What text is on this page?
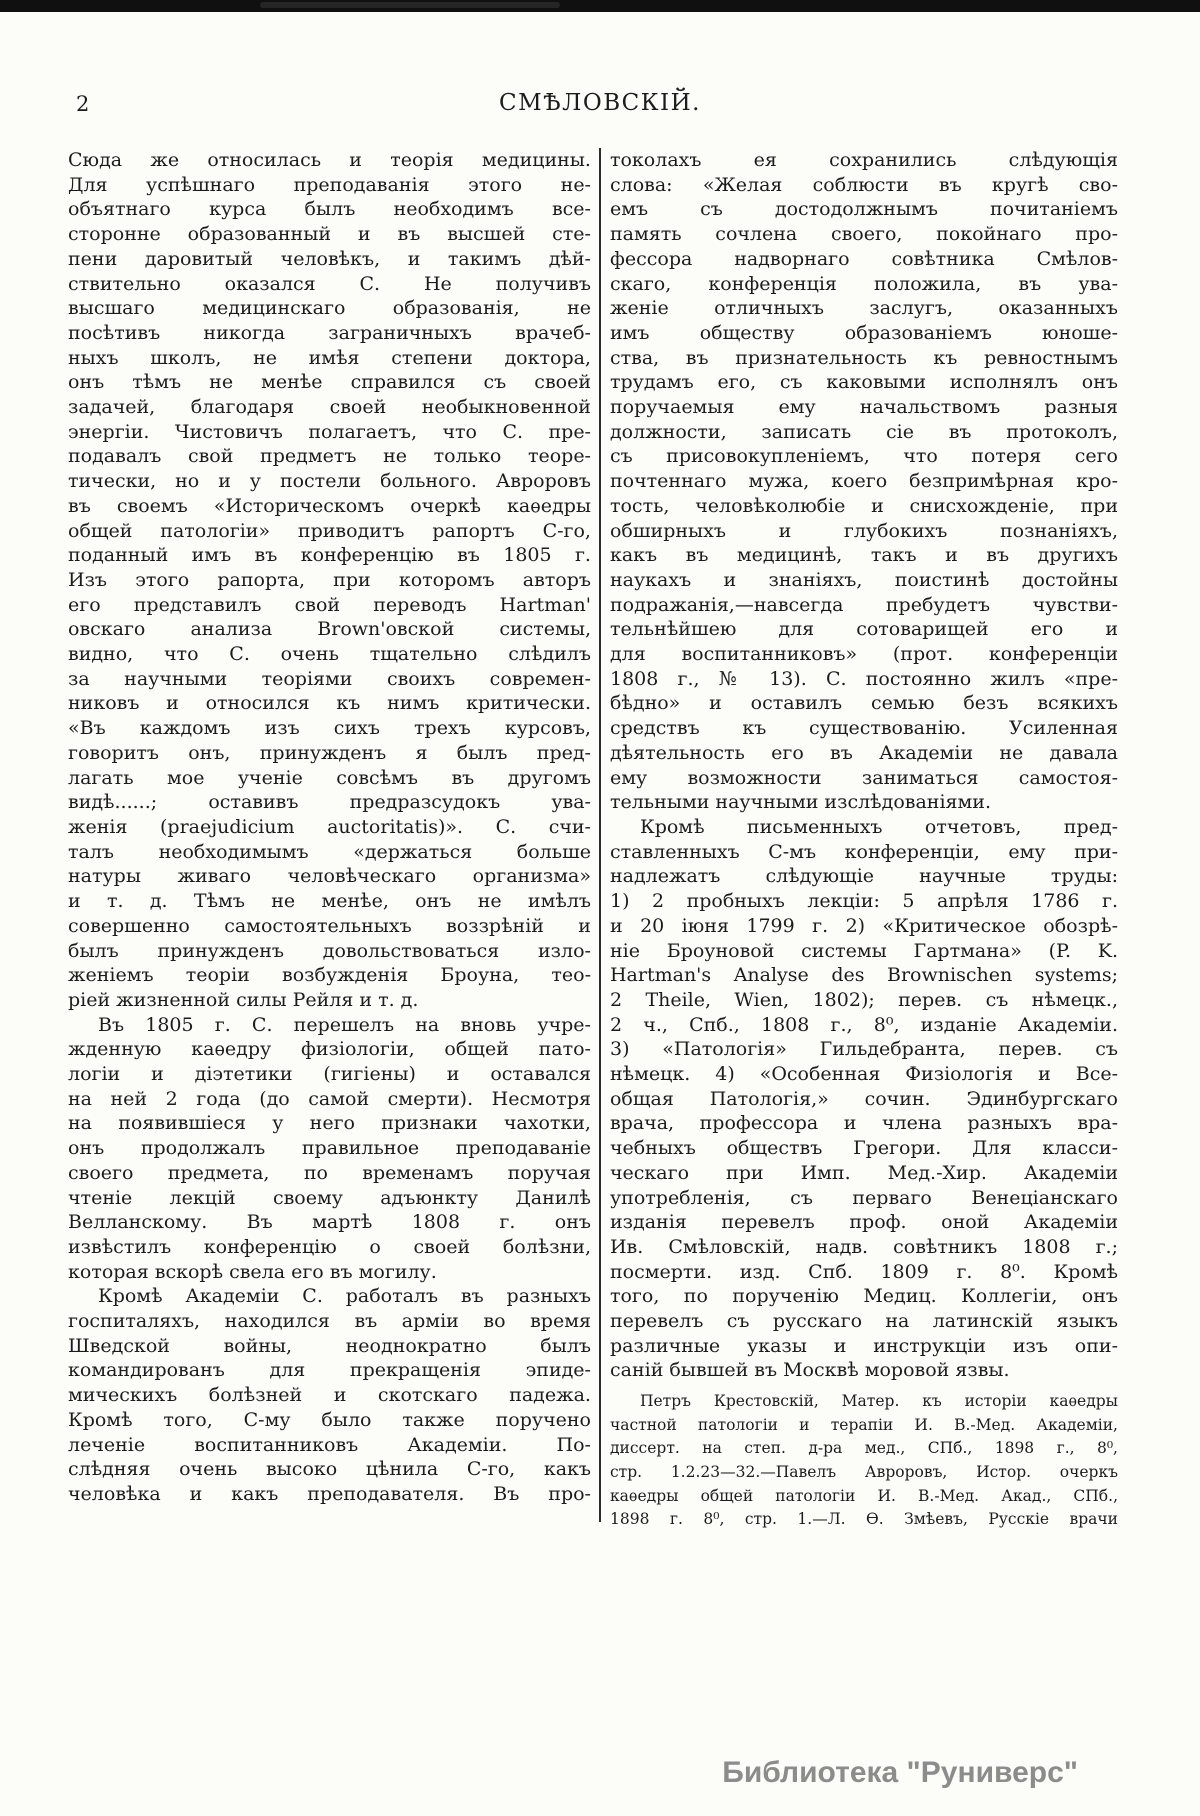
2	СМѢЛОВСКІЙ.
Сюда же относилась и теорія медицины.
Для успѣшнаго преподаванія этого не-
объятнаго курса былъ необходимъ все-
сторонне образованный и въ высшей сте-
пени даровитый человѣкъ, и такимъ дѣй-
ствительно оказался С. Не получивъ
высшаго медицинскаго образованія, не
посѣтивъ никогда заграничныхъ врачеб-
ныхъ школъ, не имѣя степени доктора,
онъ тѣмъ не менѣе справился съ своей
задачей, благодаря своей необыкновенной
энергіи. Чистовичъ полагаетъ, что С. пре-
подавалъ свой предметъ не только теоре-
тически, но и у постели больного. Авроровъ
въ своемъ «Историческомъ очеркѣ каѳедры
общей патологіи» приводитъ рапортъ С-го,
поданный имъ въ конференцію въ 1805 г.
Изъ этого рапорта, при которомъ авторъ
его представилъ свой переводъ Hartman'
овскаго анализа Brown'овской системы,
видно, что С. очень тщательно слѣдилъ
за научными теоріями своихъ современ-
никовъ и относился къ нимъ критически.
«Въ каждомъ изъ сихъ трехъ курсовъ,
говоритъ онъ, принужденъ я былъ пред-
лагать мое ученіе совсѣмъ въ другомъ
видѣ......; оставивъ предразсудокъ ува-
женія (praejudicium auctoritatis)». С. счи-
талъ необходимымъ «держаться больше
натуры живаго человѣческаго организма»
и т. д. Тѣмъ не менѣе, онъ не имѣлъ
совершенно самостоятельныхъ воззрѣній и
былъ принужденъ довольствоваться изло-
женіемъ теоріи возбужденія Броуна, тео-
ріей жизненной силы Рейля и т. д.
Въ 1805 г. С. перешелъ на вновь учре-
жденную каѳедру физіологіи, общей пато-
логіи и діэтетики (гигіены) и оставался
на ней 2 года (до самой смерти). Несмотря
на появившіеся у него признаки чахотки,
онъ продолжалъ правильное преподаваніе
своего предмета, по временамъ поручая
чтеніе лекцій своему адъюнкту Данилѣ
Велланскому. Въ мартѣ 1808 г. онъ
извѣстилъ конференцію о своей болѣзни,
которая вскорѣ свела его въ могилу.
Кромѣ Академіи С. работалъ въ разныхъ
госпиталяхъ, находился въ арміи во время
Шведской войны, неоднократно былъ
командированъ для прекращенія эпиде-
мическихъ болѣзней и скотскаго падежа.
Кромѣ того, С-му было также поручено
леченіе воспитанниковъ Академіи. По-
слѣдняя очень высоко цѣнила С-го, какъ
человѣка и какъ преподавателя. Въ про-
токолахъ ея сохранились слѣдующія
слова: «Желая соблюсти въ кругѣ сво-
емъ съ достодолжнымъ почитаніемъ
память сочлена своего, покойнаго про-
фессора надворнаго совѣтника Смѣлов-
скаго, конференція положила, въ ува-
женіе отличныхъ заслугъ, оказанныхъ
имъ обществу образованіемъ юноше-
ства, въ признательность къ ревностнымъ
трудамъ его, съ каковыми исполнялъ онъ
поручаемыя ему начальствомъ разныя
должности, записать сіе въ протоколъ,
съ присовокупленіемъ, что потеря сего
почтеннаго мужа, коего безпримѣрная кро-
тость, человѣколюбіе и снисхожденіе, при
обширныхъ и глубокихъ познаніяхъ,
какъ въ медицинѣ, такъ и въ другихъ
наукахъ и знаніяхъ, поистинѣ достойны
подражанія,—навсегда пребудетъ чувстви-
тельнѣйшею для сотоварищей его и
для воспитанниковъ» (прот. конференціи
1808 г., № 13). С. постоянно жилъ «пре-
бѣдно» и оставилъ семью безъ всякихъ
средствъ къ существованію. Усиленная
дѣятельность его въ Академіи не давала
ему возможности заниматься самостоя-
тельными научными изслѣдованіями.
Кромѣ письменныхъ отчетовъ, пред-
ставленныхъ С-мъ конференціи, ему при-
надлежатъ слѣдующіе научные труды:
1) 2 пробныхъ лекціи: 5 апрѣля 1786 г.
и 20 іюня 1799 г. 2) «Критическое обозрѣ-
ніе Броуновой системы Гартмана» (P. K.
Hartman's Analyse des Brownischen systems;
2 Theile, Wien, 1802); перев. съ нѣмецк.,
2 ч., Спб., 1808 г., 8⁰, изданіе Академіи.
3) «Патологія» Гильдебранта, перев. съ
нѣмецк. 4) «Особенная Физіологія и Все-
общая Патологія,» сочин. Эдинбургскаго
врача, профессора и члена разныхъ вра-
чебныхъ обществъ Грегори. Для класси-
ческаго при Имп. Мед.-Хир. Академіи
употребленія, съ перваго Венеціанскаго
изданія перевелъ проф. оной Академіи
Ив. Смѣловскій, надв. совѣтникъ 1808 г.;
посмерти. изд. Спб. 1809 г. 8⁰. Кромѣ
того, по порученію Медиц. Коллегіи, онъ
перевелъ съ русскаго на латинскій языкъ
различные указы и инструкціи изъ опи-
саній бывшей въ Москвѣ моровой язвы.
Петръ Крестовскій, Матер. къ исторіи каѳедры
частной патологіи и терапіи И. В.-Мед. Академіи,
диссерт. на степ. д-ра мед., СПб., 1898 г., 8⁰,
стр. 1.2.23—32.—Павелъ Авроровъ, Истор. очеркъ
каѳедры общей патологіи И. В.-Мед. Акад., СПб.,
1898 г. 8⁰, стр. 1.—Л. Ѳ. Змѣевъ, Русскіе врачи
Библиотека "Руниверс"
